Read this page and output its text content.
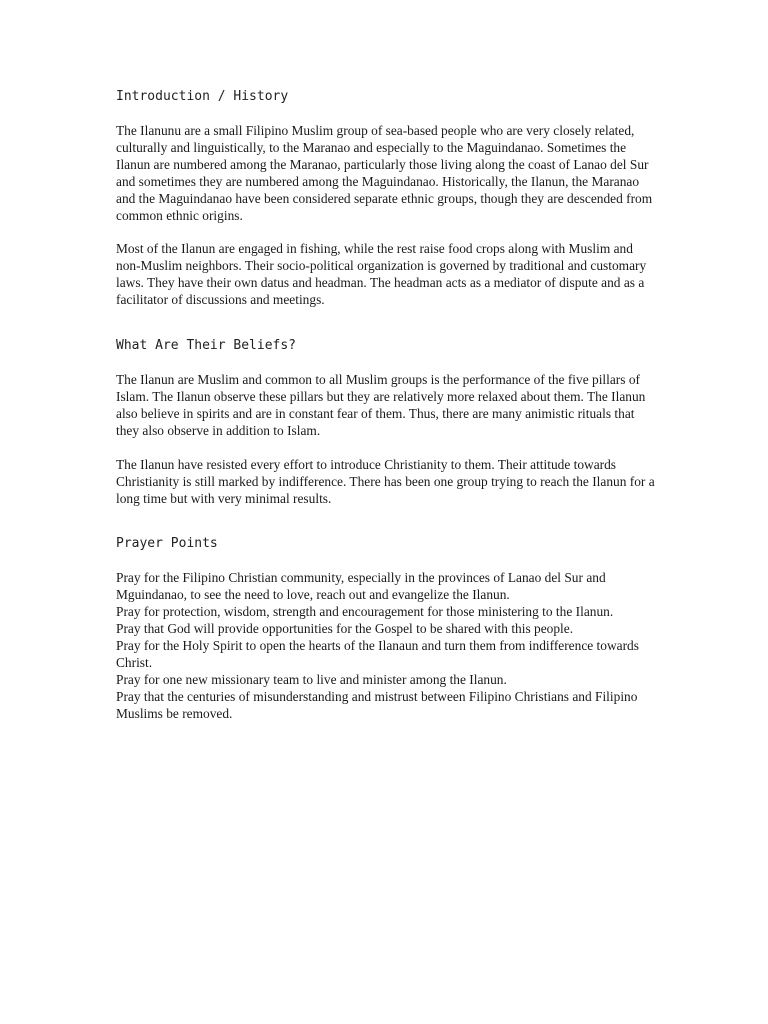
Introduction / History

The Ilanunu are a small Filipino Muslim group of sea-based people who are very closely related, culturally and linguistically, to the Maranao and especially to the Maguindanao. Sometimes the Ilanun are numbered among the Maranao, particularly those living along the coast of Lanao del Sur and sometimes they are numbered among the Maguindanao. Historically, the Ilanun, the Maranao and the Maguindanao have been considered separate ethnic groups, though they are descended from common ethnic origins.

Most of the Ilanun are engaged in fishing, while the rest raise food crops along with Muslim and non-Muslim neighbors. Their socio-political organization is governed by traditional and customary laws. They have their own datus and headman. The headman acts as a mediator of dispute and as a facilitator of discussions and meetings.

What Are Their Beliefs?

The Ilanun are Muslim and common to all Muslim groups is the performance of the five pillars of Islam. The Ilanun observe these pillars but they are relatively more relaxed about them. The Ilanun also believe in spirits and are in constant fear of them. Thus, there are many animistic rituals that they also observe in addition to Islam.

The Ilanun have resisted every effort to introduce Christianity to them. Their attitude towards Christianity is still marked by indifference. There has been one group trying to reach the Ilanun for a long time but with very minimal results.

Prayer Points
Pray for the Filipino Christian community, especially in the provinces of Lanao del Sur and Mguindanao, to see the need to love, reach out and evangelize the Ilanun.
Pray for protection, wisdom, strength and encouragement for those ministering to the Ilanun.
Pray that God will provide opportunities for the Gospel to be shared with this people.
Pray for the Holy Spirit to open the hearts of the Ilanaun and turn them from indifference towards Christ.
Pray for one new missionary team to live and minister among the Ilanun.
Pray that the centuries of misunderstanding and mistrust between Filipino Christians and Filipino Muslims be removed.
